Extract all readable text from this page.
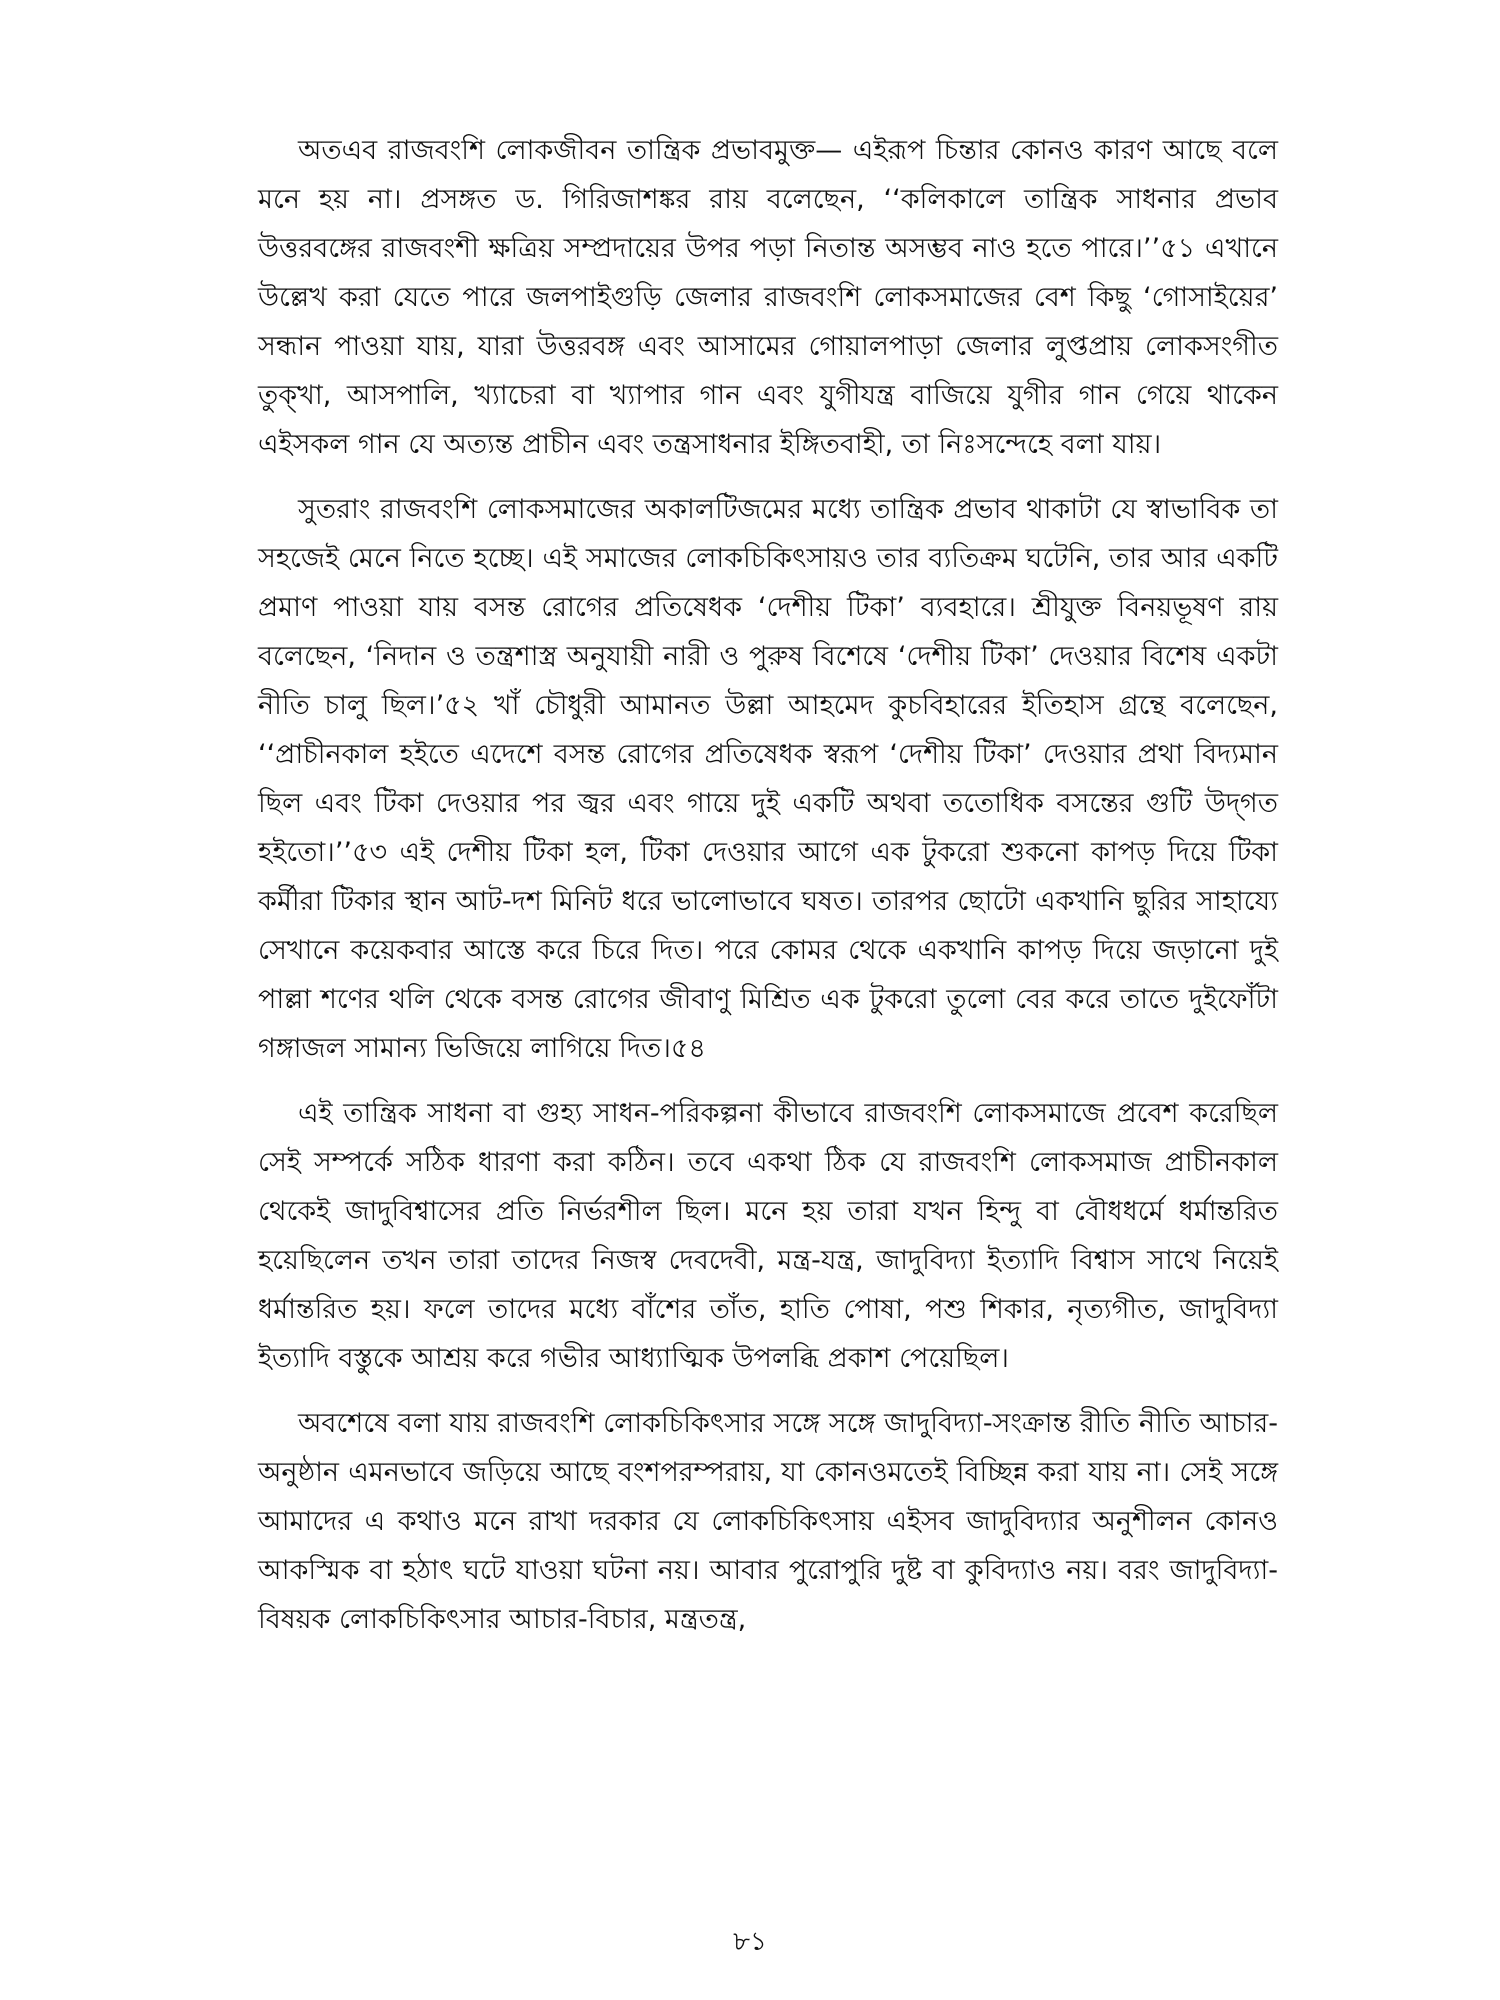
অতএব রাজবংশি লোকজীবন তান্ত্রিক প্রভাবমুক্ত— এইরূপ চিন্তার কোনও কারণ আছে বলে মনে হয় না। প্রসঙ্গত ড. গিরিজাশঙ্কর রায় বলেছেন, ‘‘কলিকালে তান্ত্রিক সাধনার প্রভাব উত্তরবঙ্গের রাজবংশী ক্ষত্রিয় সম্প্রদায়ের উপর পড়া নিতান্ত অসম্ভব নাও হতে পারে।’’৫১ এখানে উল্লেখ করা যেতে পারে জলপাইগুড়ি জেলার রাজবংশি লোকসমাজের বেশ কিছু ‘গোসাইয়ের’ সন্ধান পাওয়া যায়, যারা উত্তরবঙ্গ এবং আসামের গোয়ালপাড়া জেলার লুপ্তপ্রায় লোকসংগীত তুক্খা, আসপালি, খ্যাচেরা বা খ্যাপার গান এবং যুগীযন্ত্র বাজিয়ে যুগীর গান গেয়ে থাকেন এইসকল গান যে অত্যন্ত প্রাচীন এবং তন্ত্রসাধনার ইঙ্গিতবাহী, তা নিঃসন্দেহে বলা যায়।

সুতরাং রাজবংশি লোকসমাজের অকালটিজমের মধ্যে তান্ত্রিক প্রভাব থাকাটা যে স্বাভাবিক তা সহজেই মেনে নিতে হচ্ছে। এই সমাজের লোকচিকিৎসায়ও তার ব্যতিক্রম ঘটেনি, তার আর একটি প্রমাণ পাওয়া যায় বসন্ত রোগের প্রতিষেধক ‘দেশীয় টিকা’ ব্যবহারে। শ্রীযুক্ত বিনয়ভূষণ রায় বলেছেন, ‘নিদান ও তন্ত্রশাস্ত্র অনুযায়ী নারী ও পুরুষ বিশেষে ‘দেশীয় টিকা’ দেওয়ার বিশেষ একটা নীতি চালু ছিল।’৫২ খাঁ চৌধুরী আমানত উল্লা আহমেদ কুচবিহারের ইতিহাস গ্রন্থে বলেছেন, ‘‘প্রাচীনকাল হইতে এদেশে বসন্ত রোগের প্রতিষেধক স্বরূপ ‘দেশীয় টিকা’ দেওয়ার প্রথা বিদ্যমান ছিল এবং টিকা দেওয়ার পর জ্বর এবং গায়ে দুই একটি অথবা ততোধিক বসন্তের গুটি উদ্‌গত হইতো।’’৫৩ এই দেশীয় টিকা হল, টিকা দেওয়ার আগে এক টুকরো শুকনো কাপড় দিয়ে টিকা কর্মীরা টিকার স্থান আট-দশ মিনিট ধরে ভালোভাবে ঘষত। তারপর ছোটো একখানি ছুরির সাহায্যে সেখানে কয়েকবার আস্তে করে চিরে দিত। পরে কোমর থেকে একখানি কাপড় দিয়ে জড়ানো দুই পাল্লা শণের থলি থেকে বসন্ত রোগের জীবাণু মিশ্রিত এক টুকরো তুলো বের করে তাতে দুইফোঁটা গঙ্গাজল সামান্য ভিজিয়ে লাগিয়ে দিত।৫৪

এই তান্ত্রিক সাধনা বা গুহ্য সাধন-পরিকল্পনা কীভাবে রাজবংশি লোকসমাজে প্রবেশ করেছিল সেই সম্পর্কে সঠিক ধারণা করা কঠিন। তবে একথা ঠিক যে রাজবংশি লোকসমাজ প্রাচীনকাল থেকেই জাদুবিশ্বাসের প্রতি নির্ভরশীল ছিল। মনে হয় তারা যখন হিন্দু বা বৌধধর্মে ধর্মান্তরিত হয়েছিলেন তখন তারা তাদের নিজস্ব দেবদেবী, মন্ত্র-যন্ত্র, জাদুবিদ্যা ইত্যাদি বিশ্বাস সাথে নিয়েই ধর্মান্তরিত হয়। ফলে তাদের মধ্যে বাঁশের তাঁত, হাতি পোষা, পশু শিকার, নৃত্যগীত, জাদুবিদ্যা ইত্যাদি বস্তুকে আশ্রয় করে গভীর আধ্যাত্মিক উপলব্ধি প্রকাশ পেয়েছিল।

অবশেষে বলা যায় রাজবংশি লোকচিকিৎসার সঙ্গে সঙ্গে জাদুবিদ্যা-সংক্রান্ত রীতি নীতি আচার-অনুষ্ঠান এমনভাবে জড়িয়ে আছে বংশপরম্পরায়, যা কোনওমতেই বিচ্ছিন্ন করা যায় না। সেই সঙ্গে আমাদের এ কথাও মনে রাখা দরকার যে লোকচিকিৎসায় এইসব জাদুবিদ্যার অনুশীলন কোনও আকস্মিক বা হঠাৎ ঘটে যাওয়া ঘটনা নয়। আবার পুরোপুরি দুষ্ট বা কুবিদ্যাও নয়। বরং জাদুবিদ্যা-বিষয়ক লোকচিকিৎসার আচার-বিচার, মন্ত্রতন্ত্র,

৮১
